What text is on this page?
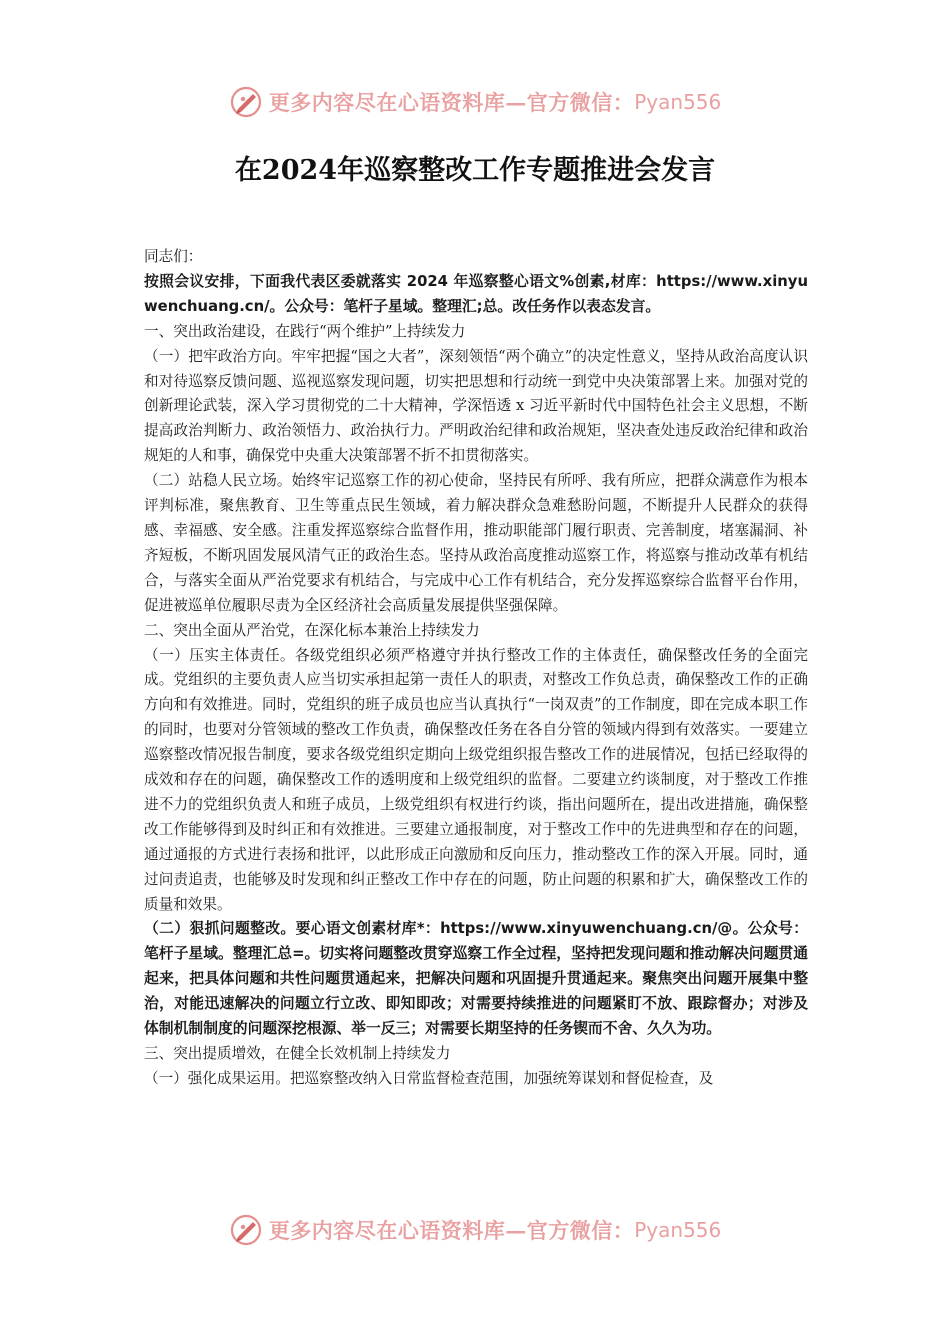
更多内容尽在心语资料库—官方微信： Pyan556
在2024年巡察整改工作专题推进会发言

同志们：

按照会议安排，下面我代表区委就落实 2024 年巡察整心语文%创素,材库：https://www.xinyuwenchuang.cn/。公众号：笔杆子星域。整理汇;总。改任务作以表态发言。

一、突出政治建设，在践行“两个维护”上持续发力

（一）把牢政治方向。牢牢把握“国之大者”，深刻领悟“两个确立”的决定性意义，坚持从政治高度认识和对待巡察反馈问题、巡视巡察发现问题，切实把思想和行动统一到党中央决策部署上来。加强对党的创新理论武装，深入学习贯彻党的二十大精神，学深悟透 x 习近平新时代中国特色社会主义思想，不断提高政治判断力、政治领悟力、政治执行力。严明政治纪律和政治规矩，坚决查处违反政治纪律和政治规矩的人和事，确保党中央重大决策部署不折不扣贯彻落实。

（二）站稳人民立场。始终牢记巡察工作的初心使命，坚持民有所呼、我有所应，把群众满意作为根本评判标准，聚焦教育、卫生等重点民生领域，着力解决群众急难愁盼问题，不断提升人民群众的获得感、幸福感、安全感。注重发挥巡察综合监督作用，推动职能部门履行职责、完善制度，堵塞漏洞、补齐短板，不断巩固发展风清气正的政治生态。坚持从政治高度推动巡察工作，将巡察与推动改革有机结合，与落实全面从严治党要求有机结合，与完成中心工作有机结合，充分发挥巡察综合监督平台作用，促进被巡单位履职尽责为全区经济社会高质量发展提供坚强保障。

二、突出全面从严治党，在深化标本兼治上持续发力

（一）压实主体责任。各级党组织必须严格遵守并执行整改工作的主体责任，确保整改任务的全面完成。党组织的主要负责人应当切实承担起第一责任人的职责，对整改工作负总责，确保整改工作的正确方向和有效推进。同时，党组织的班子成员也应当认真执行“一岗双责”的工作制度，即在完成本职工作的同时，也要对分管领域的整改工作负责，确保整改任务在各自分管的领域内得到有效落实。一要建立巡察整改情况报告制度，要求各级党组织定期向上级党组织报告整改工作的进展情况，包括已经取得的成效和存在的问题，确保整改工作的透明度和上级党组织的监督。二要建立约谈制度，对于整改工作推进不力的党组织负责人和班子成员，上级党组织有权进行约谈，指出问题所在，提出改进措施，确保整改工作能够得到及时纠正和有效推进。三要建立通报制度，对于整改工作中的先进典型和存在的问题，通过通报的方式进行表扬和批评，以此形成正向激励和反向压力，推动整改工作的深入开展。同时，通过问责追责，也能够及时发现和纠正整改工作中存在的问题，防止问题的积累和扩大，确保整改工作的质量和效果。

（二）狠抓问题整改。要心语文创素材库*：https://www.xinyuwenchuang.cn/@。公众号：笔杆子星域。整理汇总=。切实将问题整改贯穿巡察工作全过程，坚持把发现问题和推动解决问题贯通起来，把具体问题和共性问题贯通起来，把解决问题和巩固提升贯通起来。聚焦突出问题开展集中整治，对能迅速解决的问题立行立改、即知即改；对需要持续推进的问题紧盯不放、跟踪督办；对涉及体制机制制度的问题深挖根源、举一反三；对需要长期坚持的任务锲而不舍、久久为功。

三、突出提质增效，在健全长效机制上持续发力

（一）强化成果运用。把巡察整改纳入日常监督检查范围，加强统筹谋划和督促检查，及

更多内容尽在心语资料库—官方微信： Pyan556
